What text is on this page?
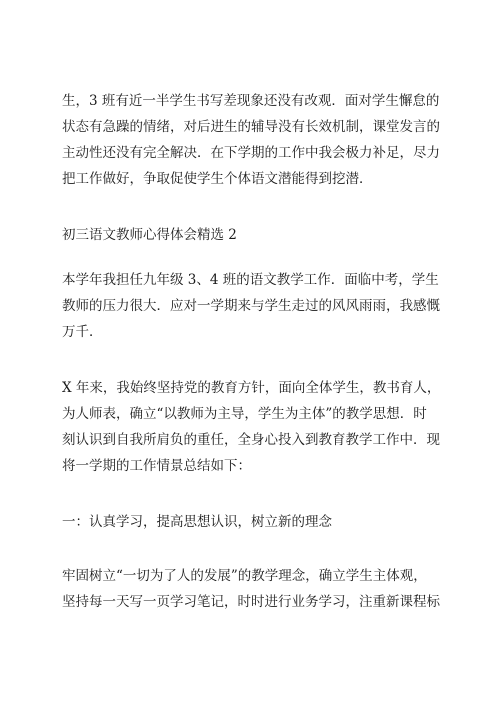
生，3 班有近一半学生书写差现象还没有改观．面对学生懈怠的
状态有急躁的情绪，对后进生的辅导没有长效机制，课堂发言的
主动性还没有完全解决．在下学期的工作中我会极力补足，尽力
把工作做好，争取促使学生个体语文潜能得到挖潜．

初三语文教师心得体会精选 2

本学年我担任九年级 3、4 班的语文教学工作．面临中考，学生
教师的压力很大．应对一学期来与学生走过的风风雨雨，我感慨
万千．

X 年来，我始终坚持党的教育方针，面向全体学生，教书育人，
为人师表，确立“以教师为主导，学生为主体”的教学思想．时
刻认识到自我所肩负的重任，全身心投入到教育教学工作中．现
将一学期的工作情景总结如下：

一：认真学习，提高思想认识，树立新的理念

牢固树立“一切为了人的发展”的教学理念，确立学生主体观，
坚持每一天写一页学习笔记，时时进行业务学习，注重新课程标
